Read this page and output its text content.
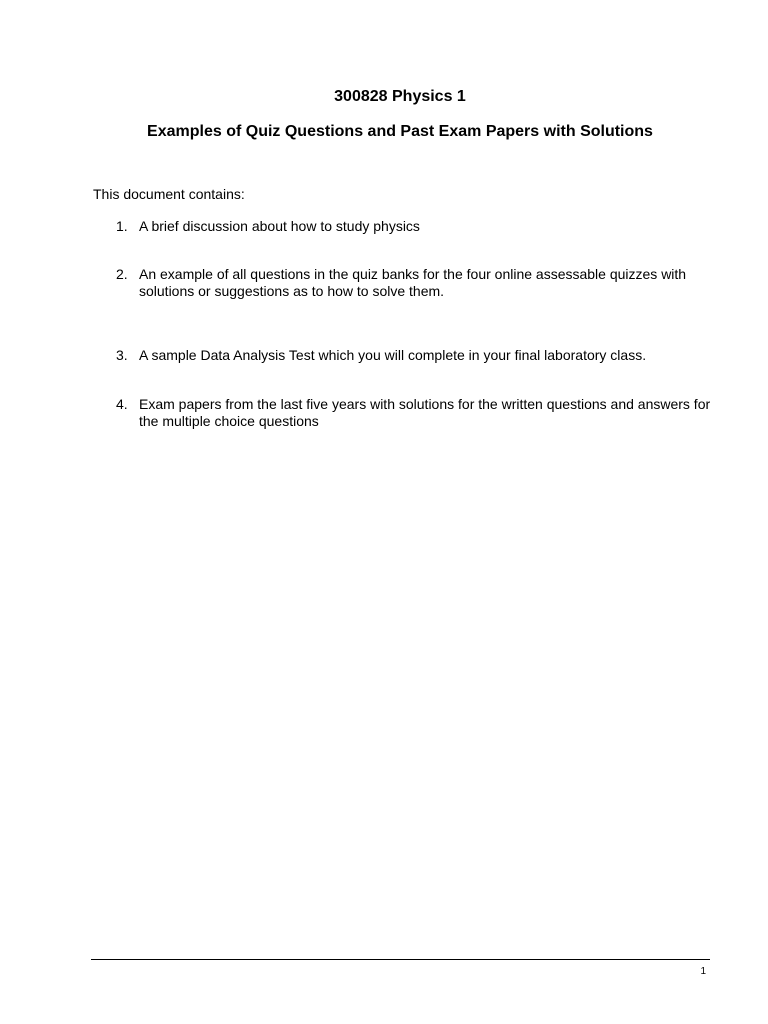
300828 Physics 1
Examples of Quiz Questions and Past Exam Papers with Solutions
This document contains:
1. A brief discussion about how to study physics
2. An example of all questions in the quiz banks for the four online assessable quizzes with solutions or suggestions as to how to solve them.
3. A sample Data Analysis Test which you will complete in your final laboratory class.
4. Exam papers from the last five years with solutions for the written questions and answers for the multiple choice questions
1
